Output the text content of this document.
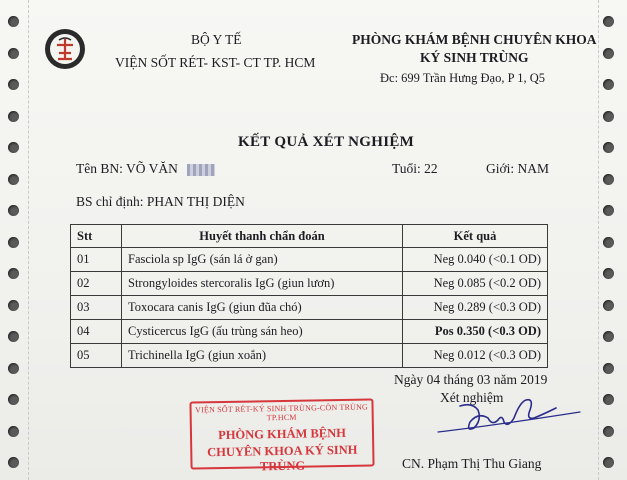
BỘ Y TẾ
VIỆN SỐT RÉT- KST- CT TP. HCM
PHÒNG KHÁM BỆNH CHUYÊN KHOA
KÝ SINH TRÙNG
Đc: 699 Trần Hưng Đạo, P 1, Q5
KẾT QUẢ XÉT NGHIỆM
Tên BN: VÕ VĂN	Tuổi: 22	Giới: NAM
BS chỉ định: PHAN THỊ DIỆN
Stt	Huyết thanh chẩn đoán	Kết quả
01	Fasciola sp IgG (sán lá ở gan)	Neg 0.040 (<0.1 OD)
02	Strongyloides stercoralis IgG (giun lươn)	Neg 0.085 (<0.2 OD)
03	Toxocara canis IgG (giun đũa chó)	Neg 0.289 (<0.3 OD)
04	Cysticercus IgG (ấu trùng sán heo)	Pos 0.350 (<0.3 OD)
05	Trichinella IgG (giun xoắn)	Neg 0.012 (<0.3 OD)
Ngày 04 tháng 03 năm 2019
Xét nghiệm
VIỆN SỐT RÉT-KÝ SINH TRÙNG-CÔN TRÙNG TP.HCM
PHÒNG KHÁM BỆNH
CHUYÊN KHOA KÝ SINH TRÙNG	CN. Phạm Thị Thu Giang
